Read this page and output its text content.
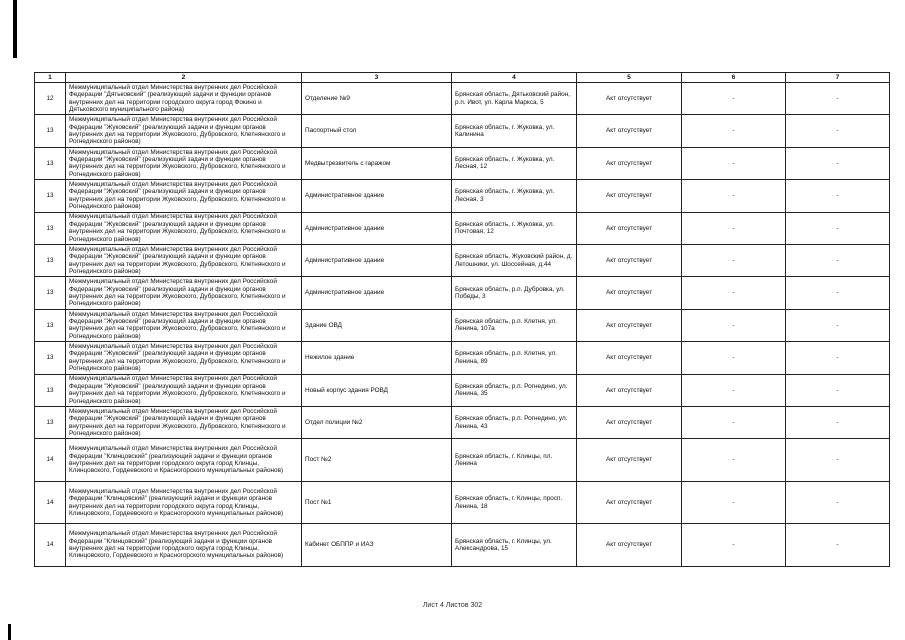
1	2	3	4	5	6	7
12	Межмуниципальный отдел Министерства внутренних дел Российской Федерации "Дятьковский" (реализующий задачи и функции органов внутренних дел на территории городского округа город Фокино и Дятьковского муниципального района)	Отделение №9	Брянская область, Дятьковский район, р.п. Ивот, ул. Карла Маркса, 5	Акт отсутствует	-	-
13	Межмуниципальный отдел Министерства внутренних дел Российской Федерации "Жуковский" (реализующий задачи и функции органов внутренних дел на территории Жуковского, Дубровского, Клетнянского и Рогнединского районов)	Паспортный стол	Брянская область, г. Жуковка, ул. Калинина	Акт отсутствует	-	-
13	Межмуниципальный отдел Министерства внутренних дел Российской Федерации "Жуковский" (реализующий задачи и функции органов внутренних дел на территории Жуковского, Дубровского, Клетнянского и Рогнединского районов)	Медвытрезвитель с гаражом	Брянская область, г. Жуковка, ул. Лесная, 12	Акт отсутствует	-	-
13	Межмуниципальный отдел Министерства внутренних дел Российской Федерации "Жуковский" (реализующий задачи и функции органов внутренних дел на территории Жуковского, Дубровского, Клетнянского и Рогнединского районов)	Административное здание	Брянская область, г. Жуковка, ул. Лесная, 3	Акт отсутствует	-	-
13	Межмуниципальный отдел Министерства внутренних дел Российской Федерации "Жуковский" (реализующий задачи и функции органов внутренних дел на территории Жуковского, Дубровского, Клетнянского и Рогнединского районов)	Административное здание	Брянская область, г. Жуковка, ул. Почтовая, 12	Акт отсутствует	-	-
13	Межмуниципальный отдел Министерства внутренних дел Российской Федерации "Жуковский" (реализующий задачи и функции органов внутренних дел на территории Жуковского, Дубровского, Клетнянского и Рогнединского районов)	Административное здание	Брянская область, Жуковский район, д. Летошники, ул. Шоссейная, д.44	Акт отсутствует	-	-
13	Межмуниципальный отдел Министерства внутренних дел Российской Федерации "Жуковский" (реализующий задачи и функции органов внутренних дел на территории Жуковского, Дубровского, Клетнянского и Рогнединского районов)	Административное здание	Брянская область, р.п. Дубровка, ул. Победы, 3	Акт отсутствует	-	-
13	Межмуниципальный отдел Министерства внутренних дел Российской Федерации "Жуковский" (реализующий задачи и функции органов внутренних дел на территории Жуковского, Дубровского, Клетнянского и Рогнединского районов)	Здание ОВД	Брянская область, р.п. Клетня, ул. Ленина, 107а	Акт отсутствует	-	-
13	Межмуниципальный отдел Министерства внутренних дел Российской Федерации "Жуковский" (реализующий задачи и функции органов внутренних дел на территории Жуковского, Дубровского, Клетнянского и Рогнединского районов)	Нежилое здание	Брянская область, р.п. Клетня, ул. Ленина, 89	Акт отсутствует	-	-
13	Межмуниципальный отдел Министерства внутренних дел Российской Федерации "Жуковский" (реализующий задачи и функции органов внутренних дел на территории Жуковского, Дубровского, Клетнянского и Рогнединского районов)	Новый корпус здания РОВД	Брянская область, р.п. Рогнедино, ул. Ленина, 35	Акт отсутствует	-	-
13	Межмуниципальный отдел Министерства внутренних дел Российской Федерации "Жуковский" (реализующий задачи и функции органов внутренних дел на территории Жуковского, Дубровского, Клетнянского и Рогнединского районов)	Отдел полиции №2	Брянская область, р.п. Рогнедино, ул. Ленина, 43	Акт отсутствует	-	-
14	Межмуниципальный отдел Министерства внутренних дел Российской Федерации "Клинцовский" (реализующий задачи и функции органов внутренних дел на территории городского округа город Клинцы, Клинцовского, Гордеевского и Красногорского муниципальных районов)	Пост №2	Брянская область, г. Клинцы, пл. Ленина	Акт отсутствует	-	-
14	Межмуниципальный отдел Министерства внутренних дел Российской Федерации "Клинцовский" (реализующий задачи и функции органов внутренних дел на территории городского округа город Клинцы, Клинцовского, Гордеевского и Красногорского муниципальных районов)	Пост №1	Брянская область, г. Клинцы, просп. Ленина, 18	Акт отсутствует	-	-
14	Межмуниципальный отдел Министерства внутренних дел Российской Федерации "Клинцовский" (реализующий задачи и функции органов внутренних дел на территории городского округа город Клинцы, Клинцовского, Гордеевского и Красногорского муниципальных районов)	Кабинет ОБППР и ИАЗ	Брянская область, г. Клинцы, ул. Александрова, 15	Акт отсутствует	-	-
Лист 4 Листов 302
